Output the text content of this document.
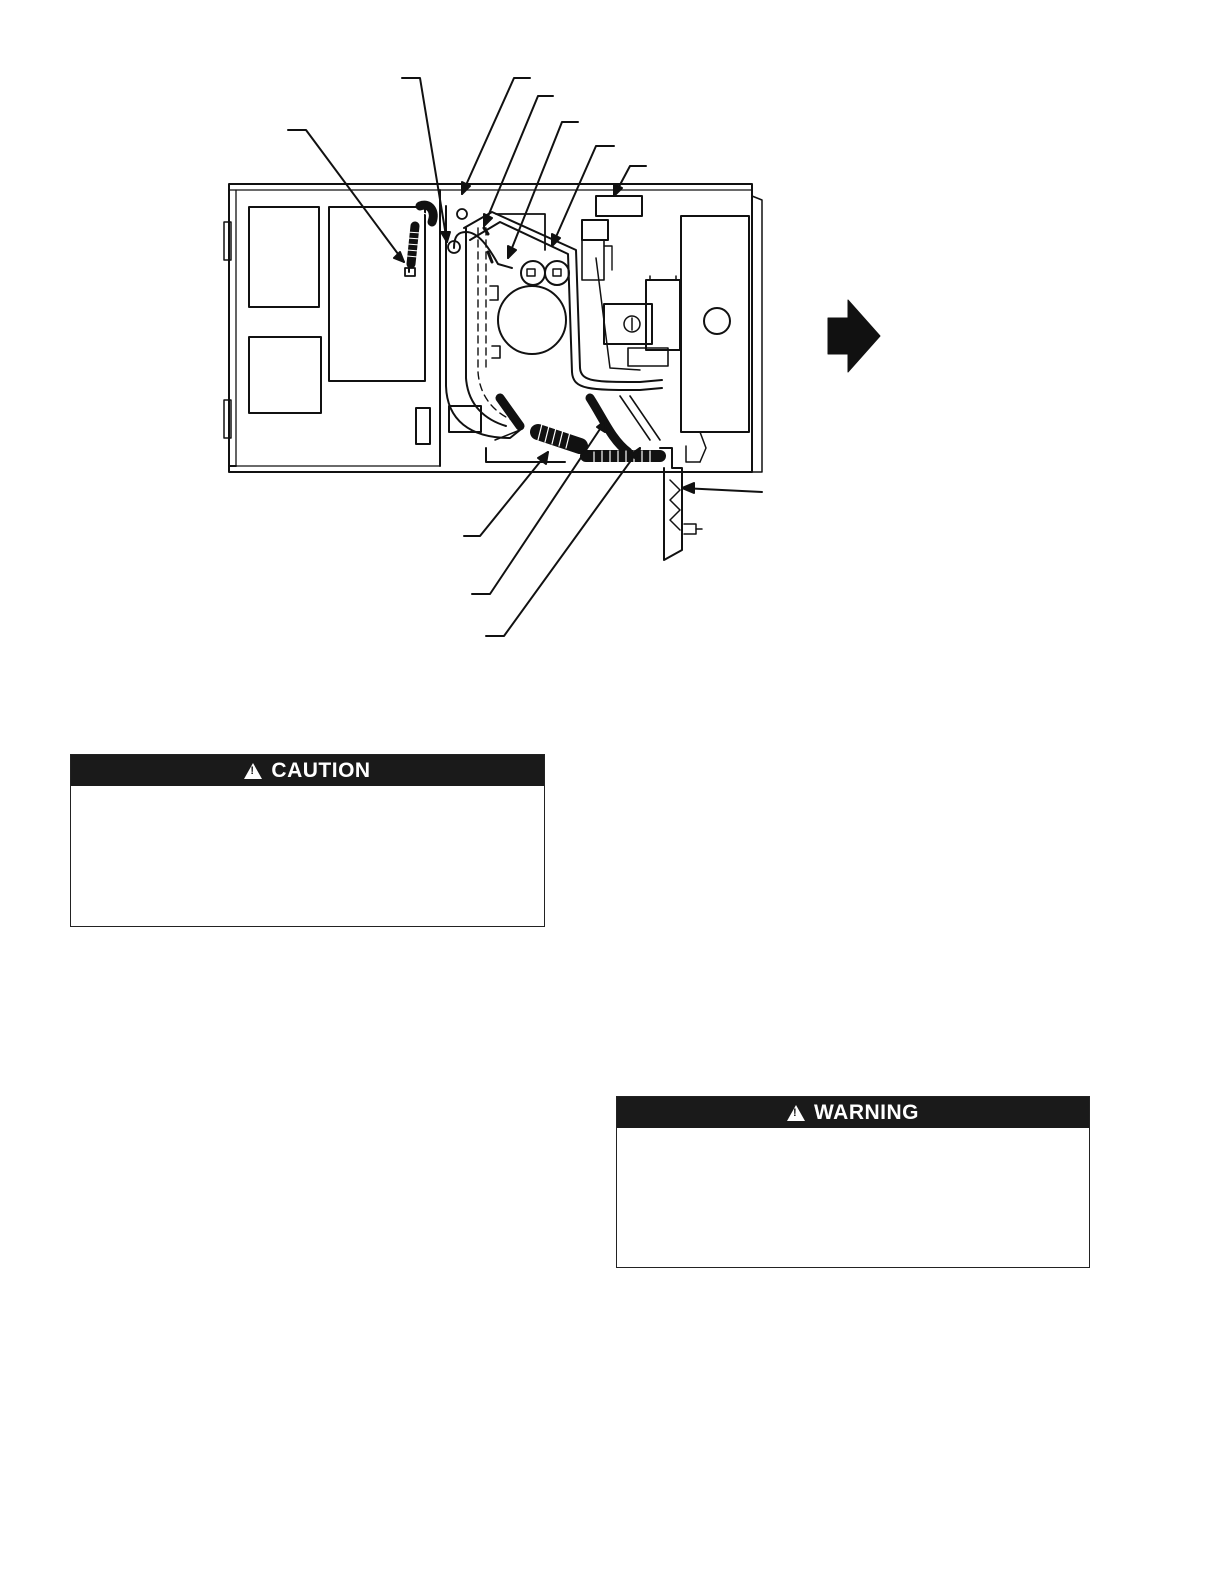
!
CAUTION
!
WARNING
